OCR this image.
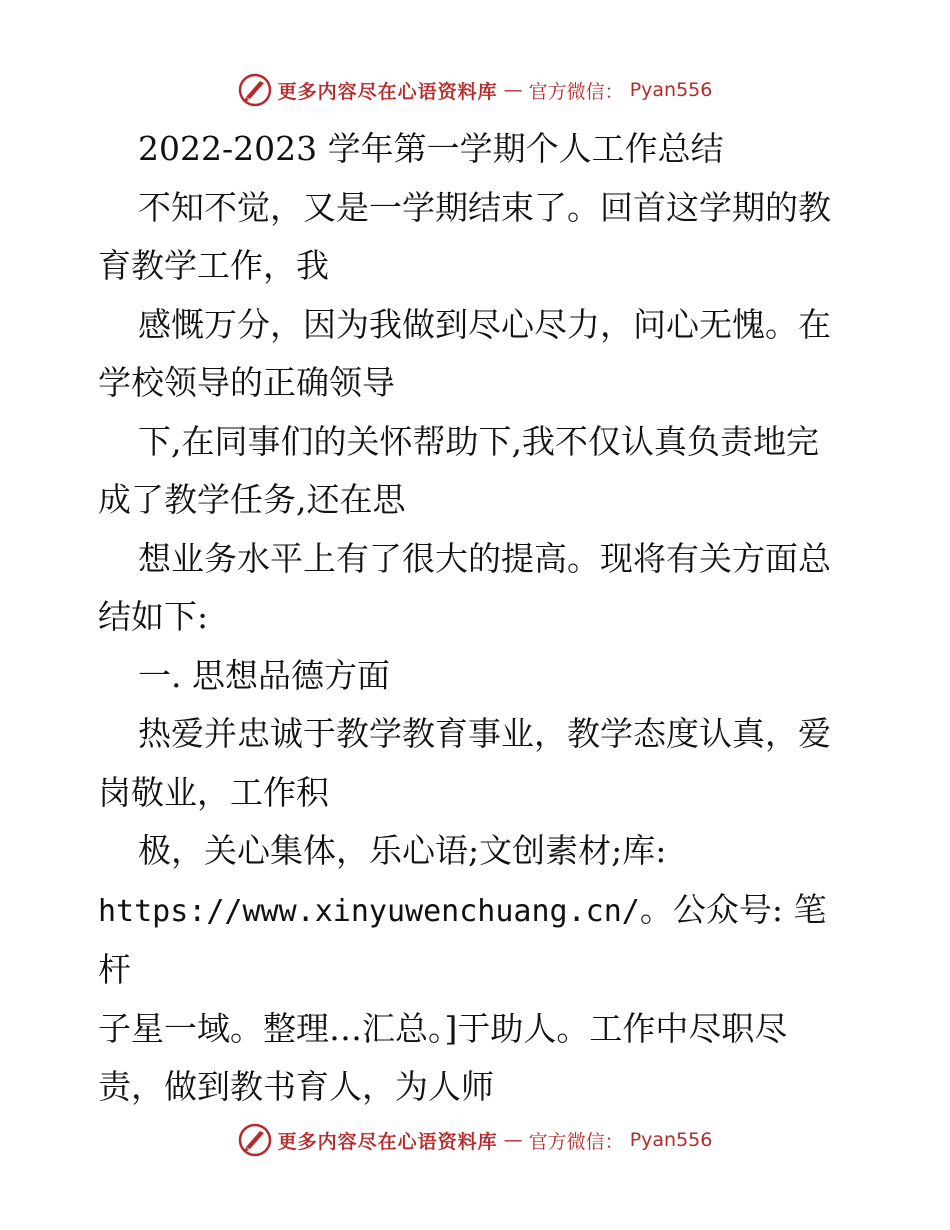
更多内容尽在心语资料库 — 官方微信： Pyan556

2022-2023 学年第一学期个人工作总结

不知不觉，又是一学期结束了。回首这学期的教

育教学工作，我

感慨万分，因为我做到尽心尽力，问心无愧。在

学校领导的正确领导

下,在同事们的关怀帮助下,我不仅认真负责地完

成了教学任务,还在思

想业务水平上有了很大的提高。现将有关方面总

结如下:

一. 思想品德方面

热爱并忠诚于教学教育事业，教学态度认真，爱

岗敬业，工作积

极，关心集体，乐心语;文创素材;库:

https://www.xinyuwenchuang.cn/。公众号: 笔杆

子星一域。整理…汇总。]于助人。工作中尽职尽

责，做到教书育人，为人师

更多内容尽在心语资料库 — 官方微信： Pyan556
